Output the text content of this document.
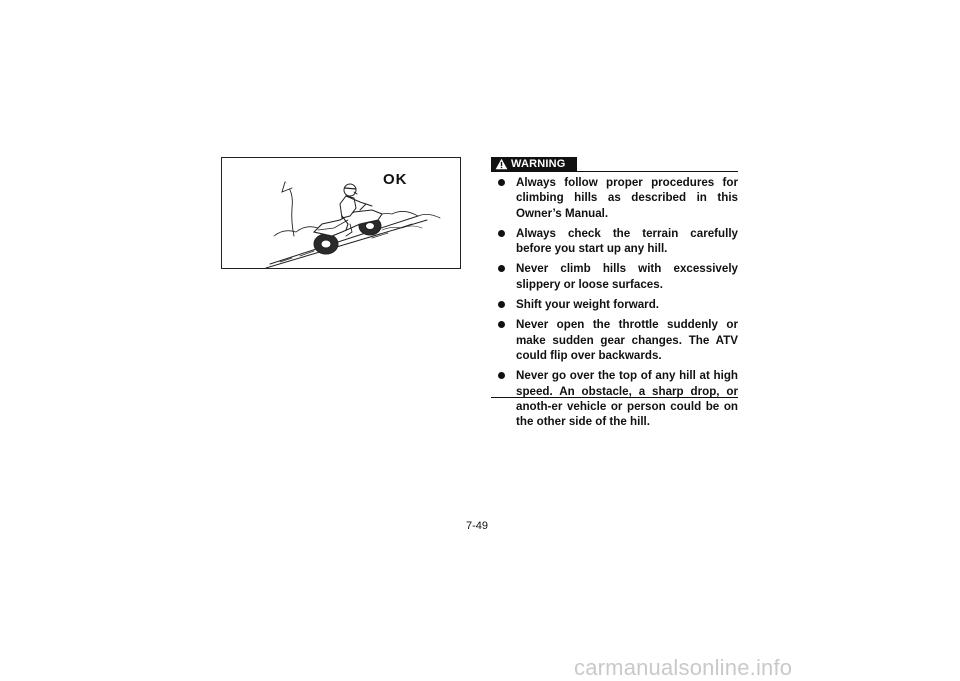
OK
WARNING
Always follow proper procedures for climbing hills as described in this Owner’s Manual.
Always check the terrain carefully before you start up any hill.
Never climb hills with excessively slippery or loose surfaces.
Shift your weight forward.
Never open the throttle suddenly or make sudden gear changes. The ATV could flip over backwards.
Never go over the top of any hill at high speed. An obstacle, a sharp drop, or anoth-er vehicle or person could be on the other side of the hill.
7-49
carmanualsonline.info
